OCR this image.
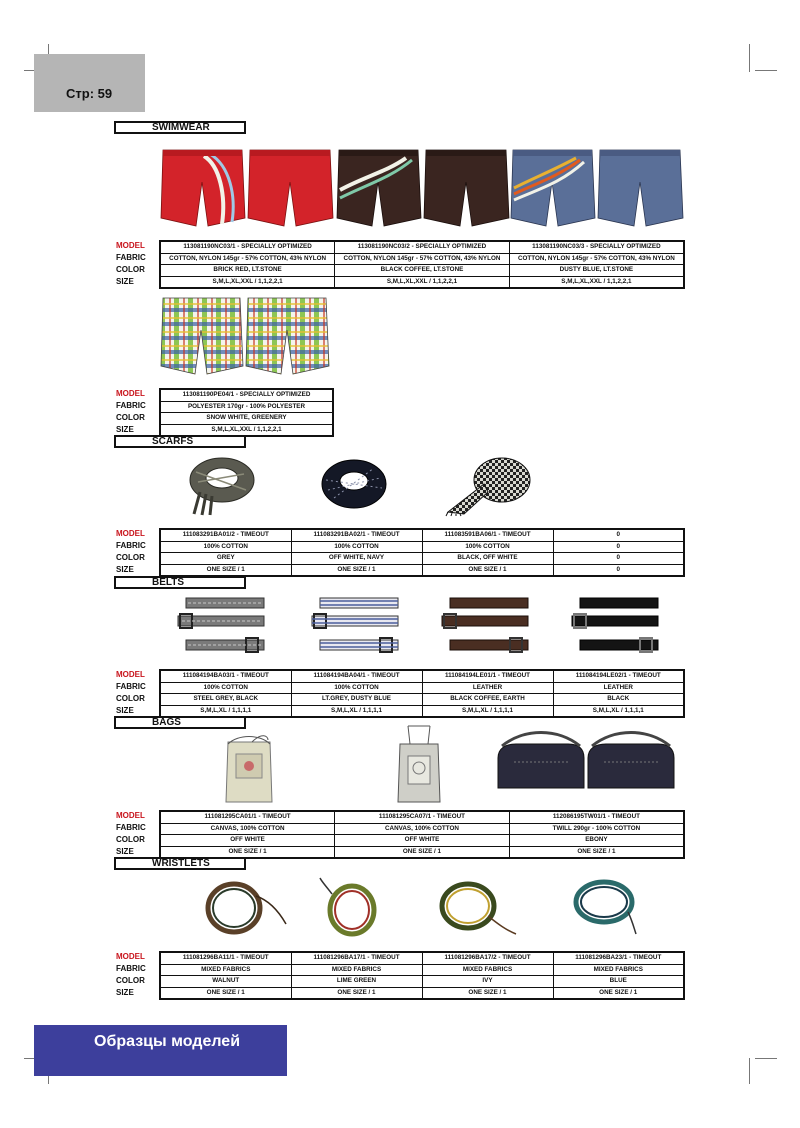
Стр: 59
SWIMWEAR
MODEL
FABRIC
COLOR
SIZE
113081190NC03/1 - SPECIALLY OPTIMIZED	113081190NC03/2 - SPECIALLY OPTIMIZED	113081190NC03/3 - SPECIALLY OPTIMIZED
COTTON, NYLON 145gr - 57% COTTON, 43% NYLON	COTTON, NYLON 145gr - 57% COTTON, 43% NYLON	COTTON, NYLON 145gr - 57% COTTON, 43% NYLON
BRICK RED, LT.STONE	BLACK COFFEE, LT.STONE	DUSTY BLUE, LT.STONE
S,M,L,XL,XXL / 1,1,2,2,1	S,M,L,XL,XXL / 1,1,2,2,1	S,M,L,XL,XXL / 1,1,2,2,1
MODEL
FABRIC
COLOR
SIZE
113081190PE04/1 - SPECIALLY OPTIMIZED
POLYESTER 170gr - 100% POLYESTER
SNOW WHITE, GREENERY
S,M,L,XL,XXL / 1,1,2,2,1
SCARFS
MODEL
FABRIC
COLOR
SIZE
111083291BA01/2 - TIMEOUT	111083291BA02/1 - TIMEOUT	111083591BA06/1 - TIMEOUT	0
100% COTTON	100% COTTON	100% COTTON	0
GREY	OFF WHITE, NAVY	BLACK, OFF WHITE	0
ONE SIZE / 1	ONE SIZE / 1	ONE SIZE / 1	0
BELTS
MODEL
FABRIC
COLOR
SIZE
111084194BA03/1 - TIMEOUT	111084194BA04/1 - TIMEOUT	111084194LE01/1 - TIMEOUT	111084194LE02/1 - TIMEOUT
100% COTTON	100% COTTON	LEATHER	LEATHER
STEEL GREY, BLACK	LT.GREY, DUSTY BLUE	BLACK COFFEE, EARTH	BLACK
S,M,L,XL / 1,1,1,1	S,M,L,XL / 1,1,1,1	S,M,L,XL / 1,1,1,1	S,M,L,XL / 1,1,1,1
BAGS
MODEL
FABRIC
COLOR
SIZE
111081295CA01/1 - TIMEOUT	111081295CA07/1 - TIMEOUT	112086195TW01/1 - TIMEOUT
CANVAS, 100% COTTON	CANVAS, 100% COTTON	TWILL 290gr - 100% COTTON
OFF WHITE	OFF WHITE	EBONY
ONE SIZE / 1	ONE SIZE / 1	ONE SIZE / 1
WRISTLETS
MODEL
FABRIC
COLOR
SIZE
111081296BA11/1 - TIMEOUT	111081296BA17/1 - TIMEOUT	111081296BA17/2 - TIMEOUT	111081296BA23/1 - TIMEOUT
MIXED FABRICS	MIXED FABRICS	MIXED FABRICS	MIXED FABRICS
WALNUT	LIME GREEN	IVY	BLUE
ONE SIZE / 1	ONE SIZE / 1	ONE SIZE / 1	ONE SIZE / 1
Образцы моделей
